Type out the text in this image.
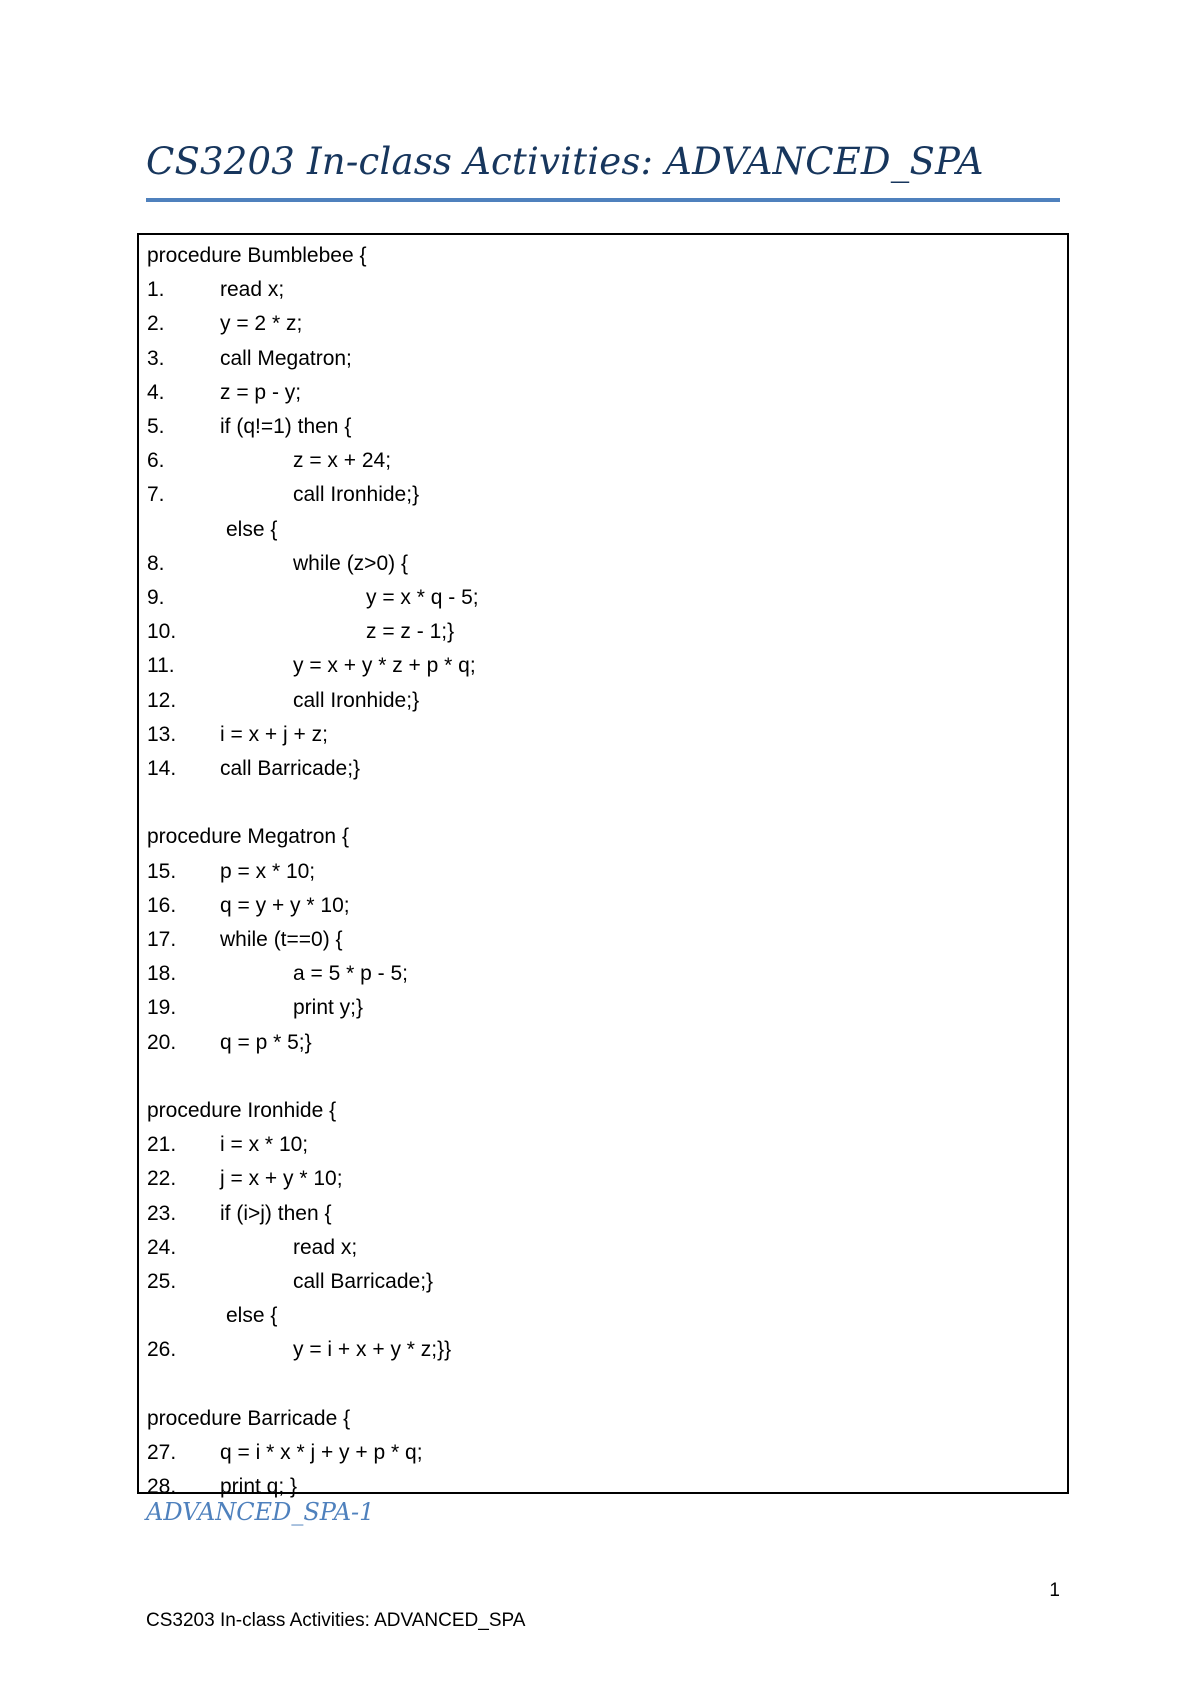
CS3203 In-class Activities: ADVANCED_SPA
procedure Bumblebee {
1.	read x;
2.	y = 2 * z;
3.	call Megatron;
4.	z = p - y;
5.	if (q!=1) then {
6.	z = x + 24;
7.	call Ironhide;}
else {
8.	while (z>0) {
9.	y = x * q - 5;
10.	z = z - 1;}
11.	y = x + y * z + p * q;
12.	call Ironhide;}
13. i = x + j + z;
14. call Barricade;}
procedure Megatron {
15. p = x * 10;
16. q = y + y * 10;
17. while (t==0) {
18.	a = 5 * p - 5;
19.	print y;}
20. q = p * 5;}
procedure Ironhide {
21. i = x * 10;
22. j = x + y * 10;
23. if (i>j) then {
24.	read x;
25.	call Barricade;}
else {
26.	y = i + x + y * z;}}
procedure Barricade {
27. q = i * x * j + y + p * q;
28. print q; }
ADVANCED_SPA-1
1
CS3203 In-class Activities: ADVANCED_SPA
